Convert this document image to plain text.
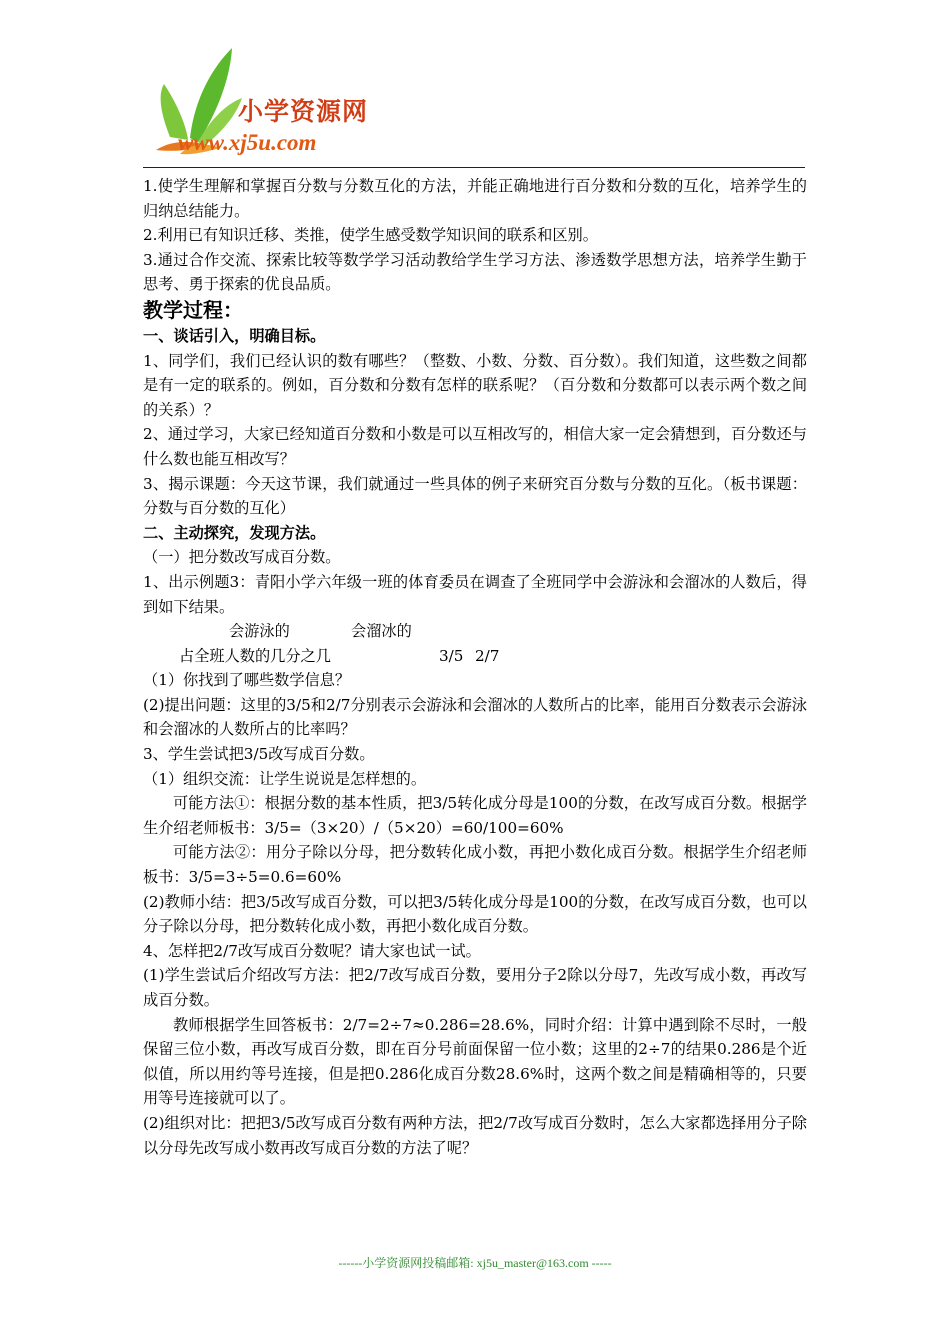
小学资源网
www.xj5u.com

1.使学生理解和掌握百分数与分数互化的方法，并能正确地进行百分数和分数的互化，培养学生的归纳总结能力。

2.利用已有知识迁移、类推，使学生感受数学知识间的联系和区别。

3.通过合作交流、探索比较等数学学习活动教给学生学习方法、渗透数学思想方法，培养学生勤于思考、勇于探索的优良品质。

教学过程：

一、谈话引入，明确目标。

1、同学们，我们已经认识的数有哪些？（整数、小数、分数、百分数）。我们知道，这些数之间都是有一定的联系的。例如，百分数和分数有怎样的联系呢？（百分数和分数都可以表示两个数之间的关系）？

2、通过学习，大家已经知道百分数和小数是可以互相改写的，相信大家一定会猜想到，百分数还与什么数也能互相改写？

3、揭示课题：今天这节课，我们就通过一些具体的例子来研究百分数与分数的互化。（板书课题：分数与百分数的互化）

二、主动探究，发现方法。

（一）把分数改写成百分数。

1、出示例题3：青阳小学六年级一班的体育委员在调查了全班同学中会游泳和会溜冰的人数后，得到如下结果。

会游泳的	会溜冰的
占全班人数的几分之几	3/5 2/7

（1）你找到了哪些数学信息？

(2)提出问题：这里的3/5和2/7分别表示会游泳和会溜冰的人数所占的比率，能用百分数表示会游泳和会溜冰的人数所占的比率吗？

3、学生尝试把3/5改写成百分数。

（1）组织交流：让学生说说是怎样想的。

可能方法①：根据分数的基本性质，把3/5转化成分母是100的分数，在改写成百分数。根据学生介绍老师板书：3/5=（3×20）/（5×20）=60/100=60%

可能方法②：用分子除以分母，把分数转化成小数，再把小数化成百分数。根据学生介绍老师板书：3/5=3÷5=0.6=60%

(2)教师小结：把3/5改写成百分数，可以把3/5转化成分母是100的分数，在改写成百分数，也可以分子除以分母，把分数转化成小数，再把小数化成百分数。

4、怎样把2/7改写成百分数呢？请大家也试一试。

(1)学生尝试后介绍改写方法：把2/7改写成百分数，要用分子2除以分母7，先改写成小数，再改写成百分数。

教师根据学生回答板书：2/7=2÷7≈0.286=28.6%，同时介绍：计算中遇到除不尽时，一般保留三位小数，再改写成百分数，即在百分号前面保留一位小数；这里的2÷7的结果0.286是个近似值，所以用约等号连接，但是把0.286化成百分数28.6%时，这两个数之间是精确相等的，只要用等号连接就可以了。

(2)组织对比：把把3/5改写成百分数有两种方法，把2/7改写成百分数时，怎么大家都选择用分子除以分母先改写成小数再改写成百分数的方法了呢？

------小学资源网投稿邮箱: xj5u_master@163.com -----
